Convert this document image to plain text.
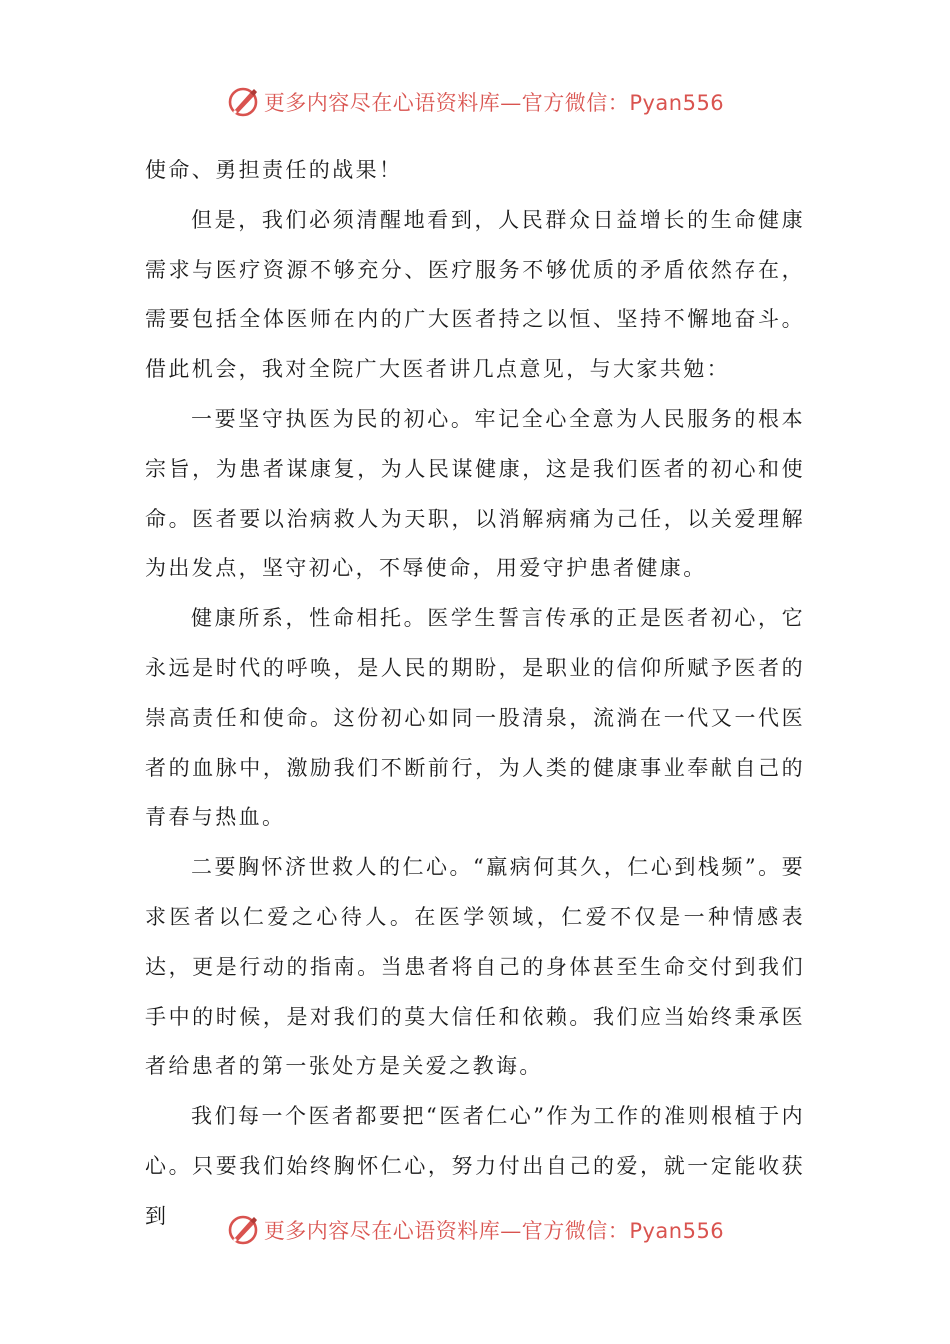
更多内容尽在心语资料库—官方微信：Pyan556

使命、勇担责任的战果！

但是，我们必须清醒地看到，人民群众日益增长的生命健康需求与医疗资源不够充分、医疗服务不够优质的矛盾依然存在，需要包括全体医师在内的广大医者持之以恒、坚持不懈地奋斗。借此机会，我对全院广大医者讲几点意见，与大家共勉：

一要坚守执医为民的初心。牢记全心全意为人民服务的根本宗旨，为患者谋康复，为人民谋健康，这是我们医者的初心和使命。医者要以治病救人为天职，以消解病痛为己任，以关爱理解为出发点，坚守初心，不辱使命，用爱守护患者健康。

健康所系，性命相托。医学生誓言传承的正是医者初心，它永远是时代的呼唤，是人民的期盼，是职业的信仰所赋予医者的崇高责任和使命。这份初心如同一股清泉，流淌在一代又一代医者的血脉中，激励我们不断前行，为人类的健康事业奉献自己的青春与热血。

二要胸怀济世救人的仁心。“羸病何其久，仁心到栈频”。要求医者以仁爱之心待人。在医学领域，仁爱不仅是一种情感表达，更是行动的指南。当患者将自己的身体甚至生命交付到我们手中的时候，是对我们的莫大信任和依赖。我们应当始终秉承医者给患者的第一张处方是关爱之教诲。

我们每一个医者都要把“医者仁心”作为工作的准则根植于内心。只要我们始终胸怀仁心，努力付出自己的爱，就一定能收获到

更多内容尽在心语资料库—官方微信：Pyan556
